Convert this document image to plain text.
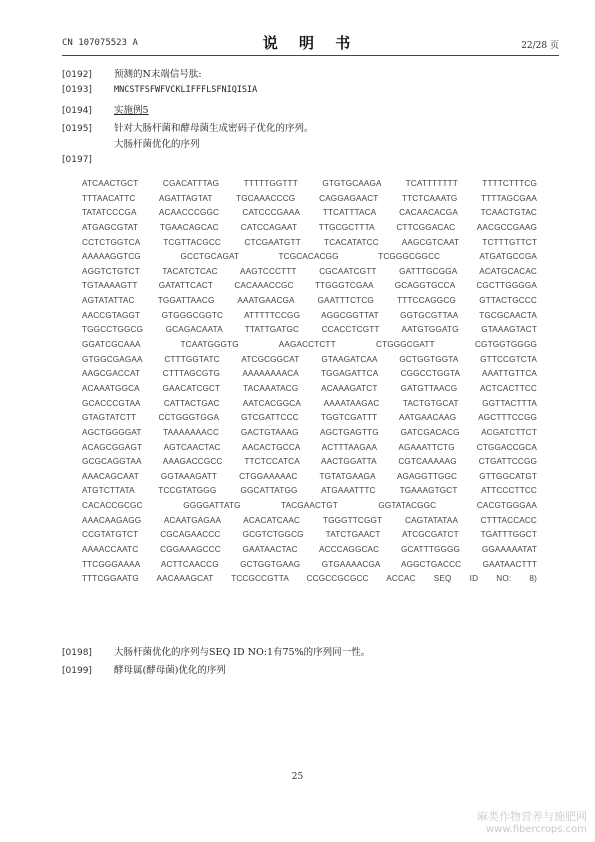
CN 107075523 A	说 明 书	22/28 页
[0192] 预测的N末端信号肽:
[0193]	MNCSTFSFWFVCKLIFFFLSFNIQISIA
[0194] 实施例5
[0195] 针对大肠杆菌和酵母菌生成密码子优化的序列。
大肠杆菌优化的序列
[0197]
ATCAACTGCT CGACATTTAG TTTTTGGTTT GTGTGCAAGA TCATTTTTTT TTTTCTTTCG
TTTAACATTC AGATTAGTAT TGCAAACCCG CAGGAGAACT TTCTCAAATG TTTTAGCGAA
TATATCCCGA ACAACCCGGC CATCCCGAAA TTCATTTACA CACAACACGA TCAACTGTAC
ATGAGCGTAT TGAACAGCAC CATCCAGAAT TTGCGCTTTA CTTCGGACAC AACGCCGAAG
CCTCTGGTCA TCGTTACGCC CTCGAATGTT TCACATATCC AAGCGTCAAT TCTTTGTTCT
AAAAAGGTCG GCCTGCAGAT TCGCACACGG TCGGGCGGCC ATGATGCCGA
AGGTCTGTCT TACATCTCAC AAGTCCCTTT CGCAATCGTT GATTTGCGGA ACATGCACAC
TGTAAAAGTT GATATTCACT CACAAACCGC TTGGGTCGAA GCAGGTGCCA CGCTTGGGGA
AGTATATTAC TGGATTAACG AAATGAACGA GAATTTCTCG TTTCCAGGCG GTTACTGCCC
AACCGTAGGT GTGGGCGGTC ATTTTTCCGG AGGCGGTTAT GGTGCGTTAA TGCGCAACTA
TGGCCTGGCG GCAGACAATA TTATTGATGC CCACCTCGTT AATGTGGATG GTAAAGTACT
GGATCGCAAA TCAATGGGTG AAGACCTCTT CTGGGCGATT CGTGGTGGGG
GTGGCGAGAA CTTTGGTATC ATCGCGGCAT GTAAGATCAA GCTGGTGGTA GTTCCGTCTA
AAGCGACCAT CTTTAGCGTG AAAAAAAACA TGGAGATTCA CGGCCTGGTA AAATTGTTCA
ACAAATGGCA GAACATCGCT TACAAATACG ACAAAGATCT GATGTTAACG ACTCACTTCC
GCACCCGTAA CATTACTGAC AATCACGGCA AAAATAAGAC TACTGTGCAT GGTTACTTTA
GTAGTATCTT CCTGGGTGGA GTCGATTCCC TGGTCGATTT AATGAACAAG AGCTTTCCGG
AGCTGGGGAT TAAAAAAACC GACTGTAAAG AGCTGAGTTG GATCGACACG ACGATCTTCT
ACAGCGGAGT AGTCAACTAC AACACTGCCA ACTTTAAGAA AGAAATTCTG CTGGACCGCA
GCGCAGGTAA AAAGACCGCC TTCTCCATCA AACTGGATTA CGTCAAAAAG CTGATTCCGG
AAACAGCAAT GGTAAAGATT CTGGAAAAAC TGTATGAAGA AGAGGTTGGC GTTGGCATGT
ATGTCTTATA TCCGTATGGG GGCATTATGG ATGAAATTTC TGAAAGTGCT ATTCCCTTCC
CACACCGCGC GGGGATTATG TACGAACTGT GGTATACGGC CACGTGGGAA
AAACAAGAGG ACAATGAGAA ACACATCAAC TGGGTTCGGT CAGTATATAA CTTTACCACC
CCGTATGTCT CGCAGAACCC GCGTCTGGCG TATCTGAACT ATCGCGATCT TGATTTGGCT
AAAACCAATC CGGAAAGCCC GAATAACTAC ACCCAGGCAC GCATTTGGGG GGAAAAATAT
TTCGGGAAAA ACTTCAACCG GCTGGTGAAG GTGAAAACGA AGGCTGACCC GAATAACTTT
TTTCGGAATG AACAAAGCAT TCCGCCGTTA CCGCCGCGCC ACCAC SEQ ID NO: 8)
[0198] 大肠杆菌优化的序列与SEQ ID NO:1有75%的序列同一性。
[0199] 酵母属(酵母菌)优化的序列
25
麻类作物营养与施肥网
www.fibercrops.com
